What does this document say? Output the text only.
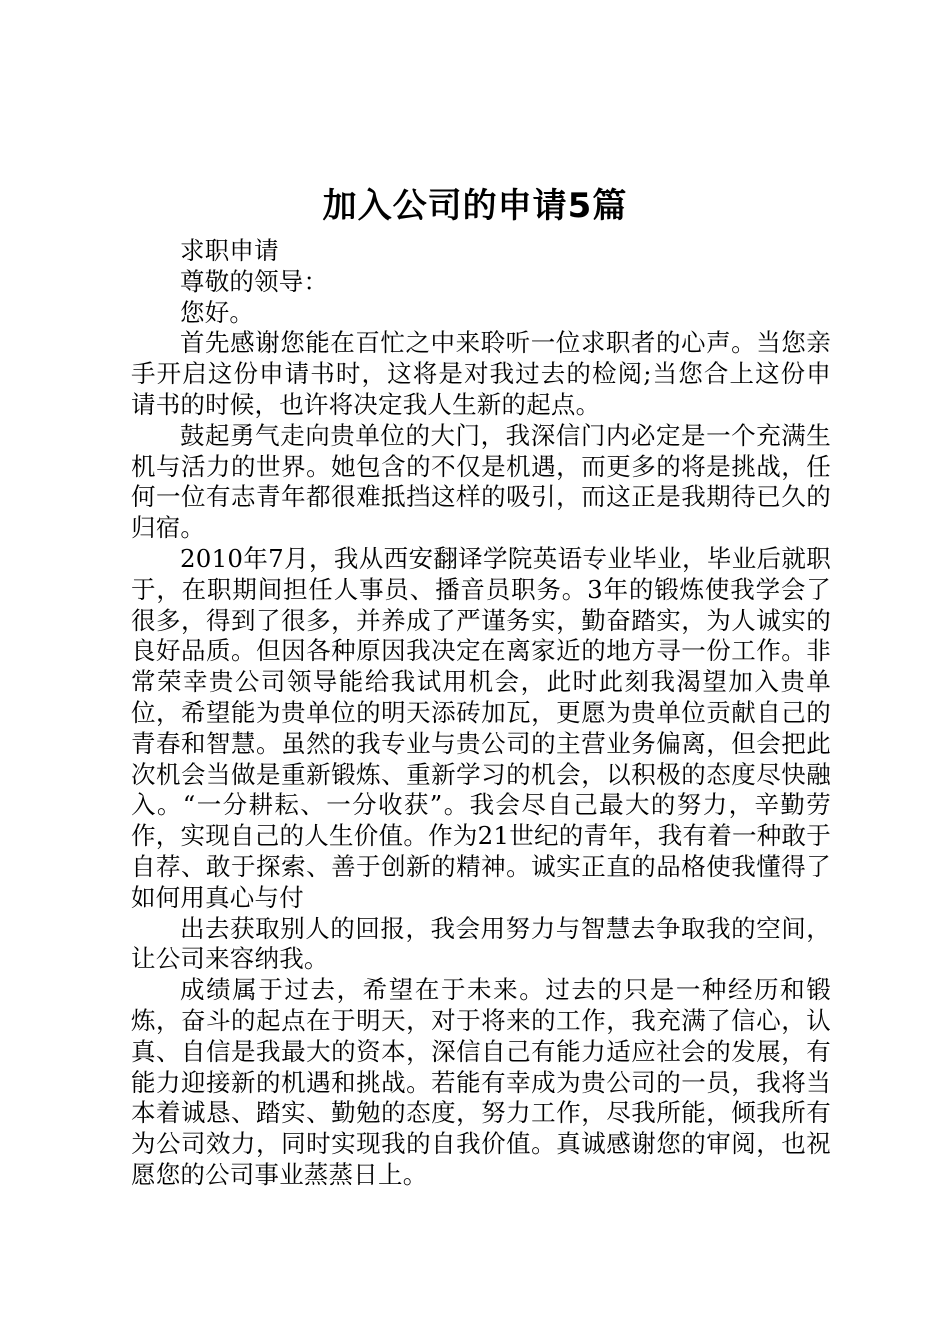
加入公司的申请5篇

求职申请

尊敬的领导：

您好。

首先感谢您能在百忙之中来聆听一位求职者的心声。当您亲手开启这份申请书时，这将是对我过去的检阅;当您合上这份申请书的时候，也许将决定我人生新的起点。

鼓起勇气走向贵单位的大门，我深信门内必定是一个充满生机与活力的世界。她包含的不仅是机遇，而更多的将是挑战，任何一位有志青年都很难抵挡这样的吸引，而这正是我期待已久的归宿。

2010年7月，我从西安翻译学院英语专业毕业，毕业后就职于，在职期间担任人事员、播音员职务。3年的锻炼使我学会了很多，得到了很多，并养成了严谨务实，勤奋踏实，为人诚实的良好品质。但因各种原因我决定在离家近的地方寻一份工作。非常荣幸贵公司领导能给我试用机会，此时此刻我渴望加入贵单位，希望能为贵单位的明天添砖加瓦，更愿为贵单位贡献自己的青春和智慧。虽然的我专业与贵公司的主营业务偏离，但会把此次机会当做是重新锻炼、重新学习的机会，以积极的态度尽快融入。“一分耕耘、一分收获”。我会尽自己最大的努力，辛勤劳作，实现自己的人生价值。作为21世纪的青年，我有着一种敢于自荐、敢于探索、善于创新的精神。诚实正直的品格使我懂得了如何用真心与付

出去获取别人的回报，我会用努力与智慧去争取我的空间，让公司来容纳我。

成绩属于过去，希望在于未来。过去的只是一种经历和锻炼，奋斗的起点在于明天，对于将来的工作，我充满了信心，认真、自信是我最大的资本，深信自己有能力适应社会的发展，有能力迎接新的机遇和挑战。若能有幸成为贵公司的一员，我将当本着诚恳、踏实、勤勉的态度，努力工作，尽我所能，倾我所有为公司效力，同时实现我的自我价值。真诚感谢您的审阅，也祝愿您的公司事业蒸蒸日上。
